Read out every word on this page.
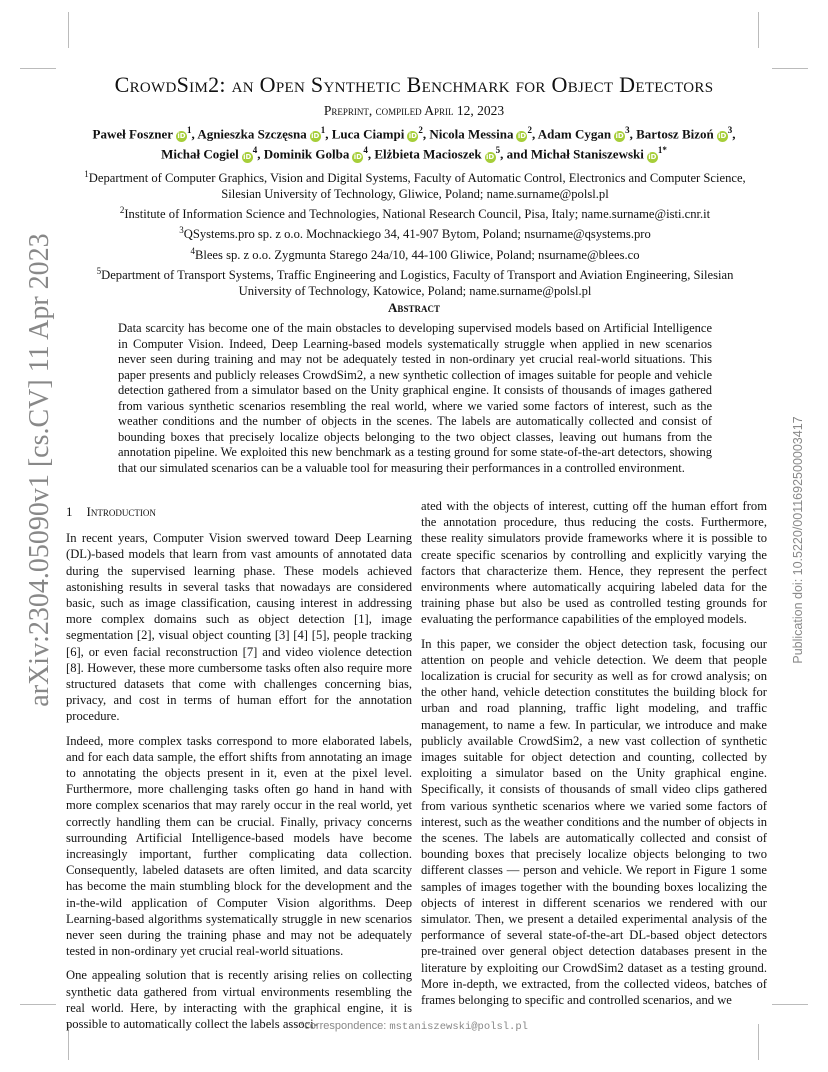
arXiv:2304.05090v1 [cs.CV] 11 Apr 2023	Publication doi: 10.5220/0011692500003417
CrowdSim2: an Open Synthetic Benchmark for Object Detectors
Preprint, compiled April 12, 2023
Paweł Foszner $iD^1$, Agnieszka Szczęsna $iD^1$, Luca Ciampi $iD^2$, Nicola Messina $iD^2$, Adam Cygan $iD^3$, Bartosz Bizoń $iD^3$,
Michał Cogiel $iD^4$, Dominik Golba $iD^4$, Elżbieta Macioszek $iD^5$, and Michał Staniszewski $iD^{1*}$
$^1$Department of Computer Graphics, Vision and Digital Systems, Faculty of Automatic Control, Electronics and Computer Science, Silesian University of Technology, Gliwice, Poland; name.surname@polsl.pl
$^2$Institute of Information Science and Technologies, National Research Council, Pisa, Italy; name.surname@isti.cnr.it
$^3$QSystems.pro sp. z o.o. Mochnackiego 34, 41-907 Bytom, Poland; nsurname@qsystems.pro
$^4$Blees sp. z o.o. Zygmunta Starego 24a/10, 44-100 Gliwice, Poland; nsurname@blees.co
$^5$Department of Transport Systems, Traffic Engineering and Logistics, Faculty of Transport and Aviation Engineering, Silesian University of Technology, Katowice, Poland; name.surname@polsl.pl
Abstract
Data scarcity has become one of the main obstacles to developing supervised models based on Artificial Intelligence in Computer Vision. Indeed, Deep Learning-based models systematically struggle when applied in new scenarios never seen during training and may not be adequately tested in non-ordinary yet crucial real-world situations. This paper presents and publicly releases CrowdSim2, a new synthetic collection of images suitable for people and vehicle detection gathered from a simulator based on the Unity graphical engine. It consists of thousands of images gathered from various synthetic scenarios resembling the real world, where we varied some factors of interest, such as the weather conditions and the number of objects in the scenes. The labels are automatically collected and consist of bounding boxes that precisely localize objects belonging to the two object classes, leaving out humans from the annotation pipeline. We exploited this new benchmark as a testing ground for some state-of-the-art detectors, showing that our simulated scenarios can be a valuable tool for measuring their performances in a controlled environment.
1 Introduction

In recent years, Computer Vision swerved toward Deep Learning (DL)-based models that learn from vast amounts of annotated data during the supervised learning phase. These models achieved astonishing results in several tasks that nowadays are considered basic, such as image classification, causing interest in addressing more complex domains such as object detection [1], image segmentation [2], visual object counting [3] [4] [5], people tracking [6], or even facial reconstruction [7] and video violence detection [8]. However, these more cumbersome tasks often also require more structured datasets that come with challenges concerning bias, privacy, and cost in terms of human effort for the annotation procedure.

Indeed, more complex tasks correspond to more elaborated labels, and for each data sample, the effort shifts from annotating an image to annotating the objects present in it, even at the pixel level. Furthermore, more challenging tasks often go hand in hand with more complex scenarios that may rarely occur in the real world, yet correctly handling them can be crucial. Finally, privacy concerns surrounding Artificial Intelligence-based models have become increasingly important, further complicating data collection. Consequently, labeled datasets are often limited, and data scarcity has become the main stumbling block for the development and the in-the-wild application of Computer Vision algorithms. Deep Learning-based algorithms systematically struggle in new scenarios never seen during the training phase and may not be adequately tested in non-ordinary yet crucial real-world situations.

One appealing solution that is recently arising relies on collecting synthetic data gathered from virtual environments resembling the real world. Here, by interacting with the graphical engine, it is possible to automatically collect the labels associ-

ated with the objects of interest, cutting off the human effort from the annotation procedure, thus reducing the costs. Furthermore, these reality simulators provide frameworks where it is possible to create specific scenarios by controlling and explicitly varying the factors that characterize them. Hence, they represent the perfect environments where automatically acquiring labeled data for the training phase but also be used as controlled testing grounds for evaluating the performance capabilities of the employed models.

In this paper, we consider the object detection task, focusing our attention on people and vehicle detection. We deem that people localization is crucial for security as well as for crowd analysis; on the other hand, vehicle detection constitutes the building block for urban and road planning, traffic light modeling, and traffic management, to name a few. In particular, we introduce and make publicly available CrowdSim2, a new vast collection of synthetic images suitable for object detection and counting, collected by exploiting a simulator based on the Unity graphical engine. Specifically, it consists of thousands of small video clips gathered from various synthetic scenarios where we varied some factors of interest, such as the weather conditions and the number of objects in the scenes. The labels are automatically collected and consist of bounding boxes that precisely localize objects belonging to two different classes — person and vehicle. We report in Figure 1 some samples of images together with the bounding boxes localizing the objects of interest in different scenarios we rendered with our simulator. Then, we present a detailed experimental analysis of the performance of several state-of-the-art DL-based object detectors pre-trained over general object detection databases present in the literature by exploiting our CrowdSim2 dataset as a testing ground. More in-depth, we extracted, from the collected videos, batches of frames belonging to specific and controlled scenarios, and we

*correspondence: mstaniszewski@polsl.pl
